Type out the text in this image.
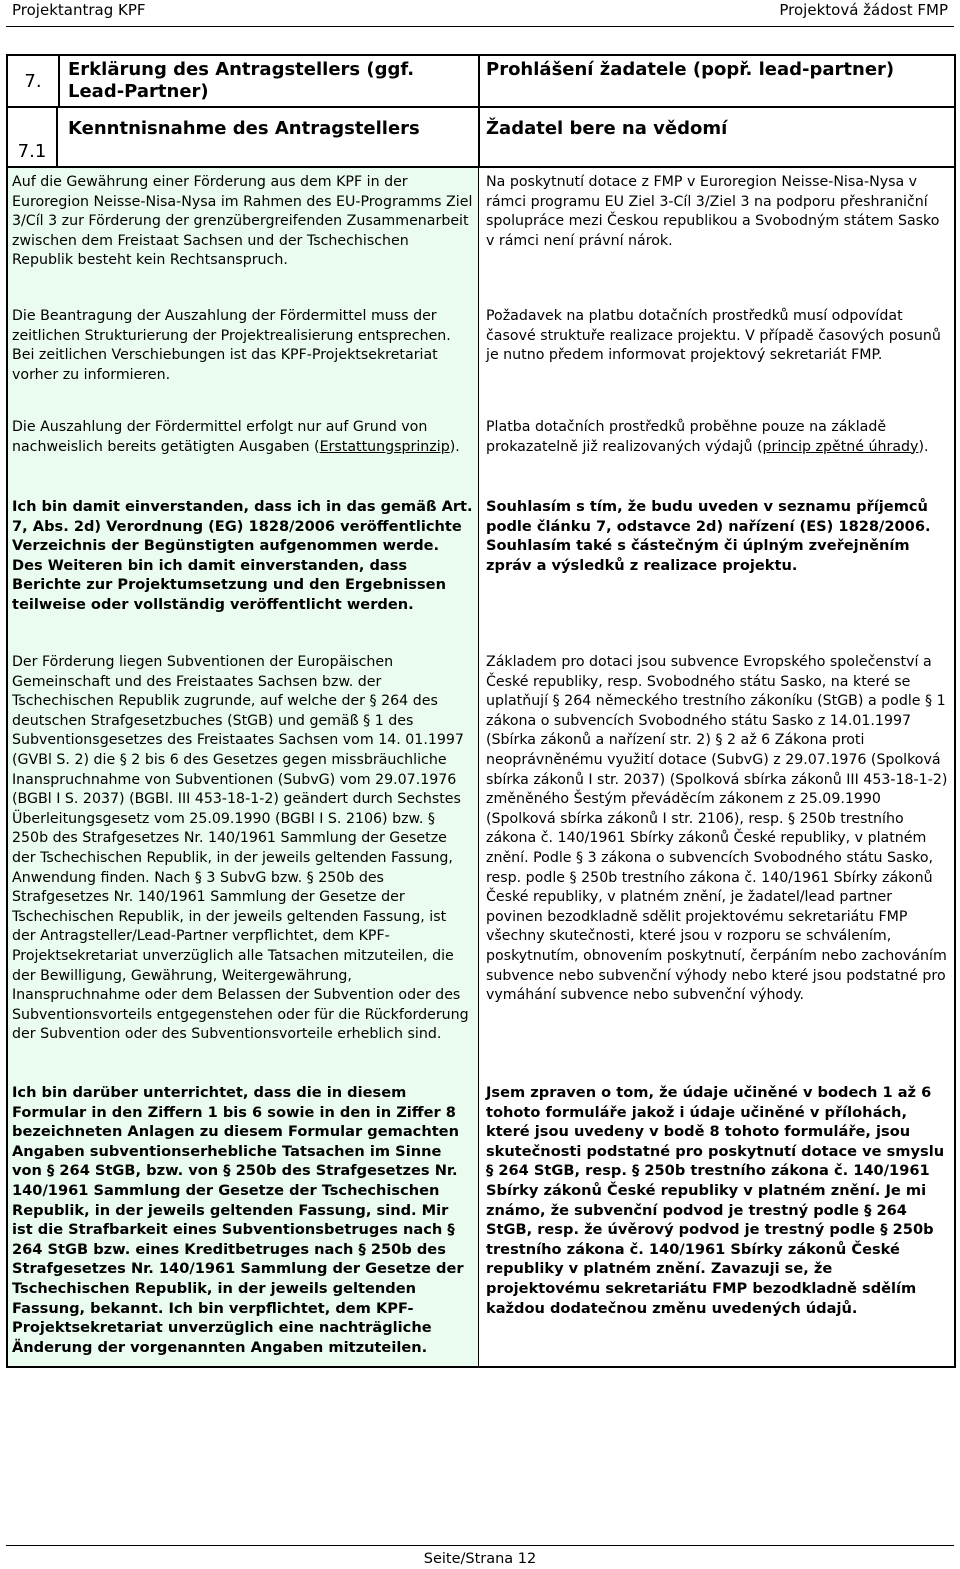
Projektantrag KPF	Projektová žádost FMP
7.
Erklärung des Antragstellers (ggf. Lead-Partner)
Prohlášení žadatele (popř. lead-partner)
7.1
Kenntnisnahme des Antragstellers	Žadatel bere na vědomí
Auf die Gewährung einer Förderung aus dem KPF in der Euroregion Neisse-Nisa-Nysa im Rahmen des EU-Programms Ziel 3/Cíl 3 zur Förderung der grenzübergreifenden Zusammenarbeit zwischen dem Freistaat Sachsen und der Tschechischen Republik besteht kein Rechtsanspruch.
Na poskytnutí dotace z FMP v Euroregion Neisse-Nisa-Nysa v rámci programu EU Ziel 3-Cíl 3/Ziel 3 na podporu přeshraniční spolupráce mezi Českou republikou a Svobodným státem Sasko v rámci není právní nárok.
Die Beantragung der Auszahlung der Fördermittel muss der zeitlichen Strukturierung der Projektrealisierung entsprechen. Bei zeitlichen Verschiebungen ist das KPF-Projektsekretariat vorher zu informieren.
Požadavek na platbu dotačních prostředků musí odpovídat časové struktuře realizace projektu. V případě časových posunů je nutno předem informovat projektový sekretariát FMP.
Die Auszahlung der Fördermittel erfolgt nur auf Grund von nachweislich bereits getätigten Ausgaben (Erstattungsprinzip).
Platba dotačních prostředků proběhne pouze na základě prokazatelně již realizovaných výdajů (princip zpětné úhrady).
Ich bin damit einverstanden, dass ich in das gemäß Art. 7, Abs. 2d) Verordnung (EG) 1828/2006 veröffentlichte Verzeichnis der Begünstigten aufgenommen werde. Des Weiteren bin ich damit einverstanden, dass Berichte zur Projektumsetzung und den Ergebnissen teilweise oder vollständig veröffentlicht werden.
Souhlasím s tím, že budu uveden v seznamu příjemců podle článku 7, odstavce 2d) nařízení (ES) 1828/2006. Souhlasím také s částečným či úplným zveřejněním zpráv a výsledků z realizace projektu.
Der Förderung liegen Subventionen der Europäischen Gemeinschaft und des Freistaates Sachsen bzw. der Tschechischen Republik zugrunde, auf welche der § 264 des deutschen Strafgesetzbuches (StGB) und gemäß § 1 des Subventionsgesetzes des Freistaates Sachsen vom 14. 01.1997 (GVBl S. 2) die § 2 bis 6 des Gesetzes gegen missbräuchliche Inanspruchnahme von Subventionen (SubvG) vom 29.07.1976 (BGBl I S. 2037) (BGBl. III 453-18-1-2) geändert durch Sechstes Überleitungsgesetz vom 25.09.1990 (BGBl I S. 2106) bzw. § 250b des Strafgesetzes Nr. 140/1961 Sammlung der Gesetze der Tschechischen Republik, in der jeweils geltenden Fassung, Anwendung finden. Nach § 3 SubvG bzw. § 250b des Strafgesetzes Nr. 140/1961 Sammlung der Gesetze der Tschechischen Republik, in der jeweils geltenden Fassung, ist der Antragsteller/Lead-Partner verpflichtet, dem KPF-Projektsekretariat unverzüglich alle Tatsachen mitzuteilen, die der Bewilligung, Gewährung, Weitergewährung, Inanspruchnahme oder dem Belassen der Subvention oder des Subventionsvorteils entgegenstehen oder für die Rückforderung der Subvention oder des Subventionsvorteile erheblich sind.
Základem pro dotaci jsou subvence Evropského společenství a České republiky, resp. Svobodného státu Sasko, na které se uplatňují § 264 německého trestního zákoníku (StGB) a podle § 1 zákona o subvencích Svobodného státu Sasko z 14.01.1997 (Sbírka zákonů a nařízení str. 2) § 2 až 6 Zákona proti neoprávněnému využití dotace (SubvG) z 29.07.1976 (Spolková sbírka zákonů I str. 2037) (Spolková sbírka zákonů III 453-18-1-2) změněného Šestým převáděcím zákonem z 25.09.1990 (Spolková sbírka zákonů I str. 2106), resp. § 250b trestního zákona č. 140/1961 Sbírky zákonů České republiky, v platném znění. Podle § 3 zákona o subvencích Svobodného státu Sasko, resp. podle § 250b trestního zákona č. 140/1961 Sbírky zákonů České republiky, v platném znění, je žadatel/lead partner povinen bezodkladně sdělit projektovému sekretariátu FMP všechny skutečnosti, které jsou v rozporu se schválením, poskytnutím, obnovením poskytnutí, čerpáním nebo zachováním subvence nebo subvenční výhody nebo které jsou podstatné pro vymáhání subvence nebo subvenční výhody.
Ich bin darüber unterrichtet, dass die in diesem Formular in den Ziffern 1 bis 6 sowie in den in Ziffer 8 bezeichneten Anlagen zu diesem Formular gemachten Angaben subventionserhebliche Tatsachen im Sinne von § 264 StGB, bzw. von § 250b des Strafgesetzes Nr. 140/1961 Sammlung der Gesetze der Tschechischen Republik, in der jeweils geltenden Fassung, sind. Mir ist die Strafbarkeit eines Subventionsbetruges nach § 264 StGB bzw. eines Kreditbetruges nach § 250b des Strafgesetzes Nr. 140/1961 Sammlung der Gesetze der Tschechischen Republik, in der jeweils geltenden Fassung, bekannt. Ich bin verpflichtet, dem KPF-Projektsekretariat unverzüglich eine nachträgliche Änderung der vorgenannten Angaben mitzuteilen.
Jsem zpraven o tom, že údaje učiněné v bodech 1 až 6 tohoto formuláře jakož i údaje učiněné v přílohách, které jsou uvedeny v bodě 8 tohoto formuláře, jsou skutečnosti podstatné pro poskytnutí dotace ve smyslu § 264 StGB, resp. § 250b trestního zákona č. 140/1961 Sbírky zákonů České republiky v platném znění. Je mi známo, že subvenční podvod je trestný podle § 264 StGB, resp. že úvěrový podvod je trestný podle § 250b trestního zákona č. 140/1961 Sbírky zákonů České republiky v platném znění. Zavazuji se, že projektovému sekretariátu FMP bezodkladně sdělím každou dodatečnou změnu uvedených údajů.
Seite/Strana 12
